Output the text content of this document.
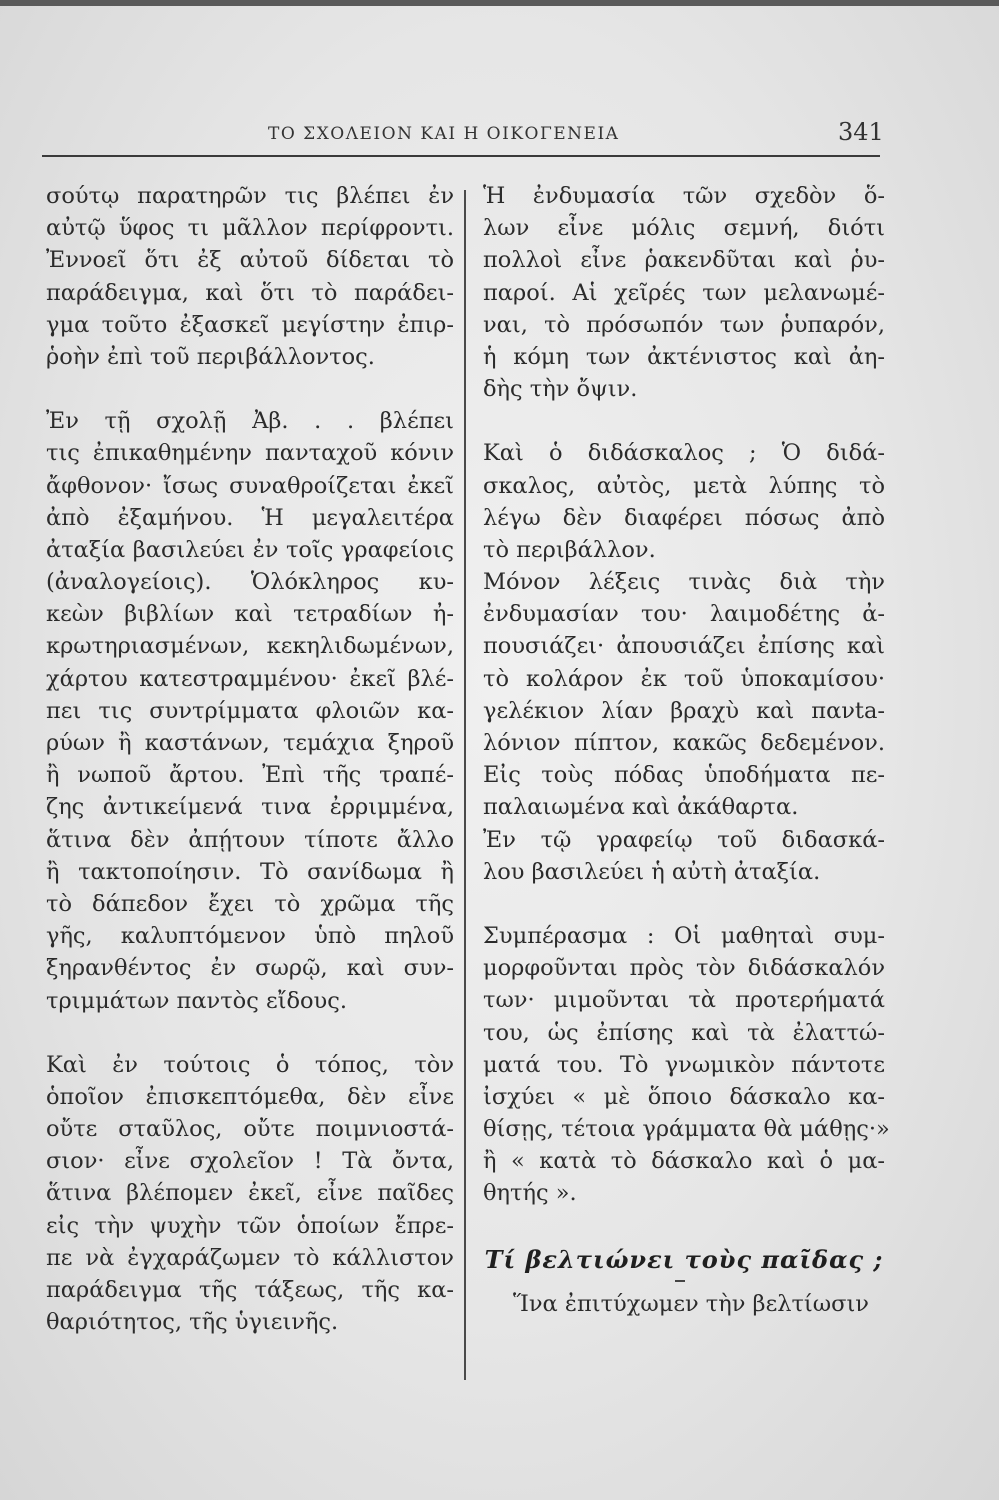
ΤΟ ΣΧΟΛΕΙΟΝ ΚΑΙ Η ΟΙΚΟΓΕΝΕΙΑ	341
σούτῳ παρατηρῶν τις βλέπει ἐν
αὐτῷ ὕφος τι μᾶλλον περίφροντι.
Ἐννοεῖ ὅτι ἐξ αὐτοῦ δίδεται τὸ
παράδειγμα, καὶ ὅτι τὸ παράδει-
γμα τοῦτο ἐξασκεῖ μεγίστην ἐπιρ-
ῥοὴν ἐπὶ τοῦ περιβάλλοντος.
Ἐν τῇ σχολῇ Ἀβ. . . βλέπει
τις ἐπικαθημένην πανταχοῦ κόνιν
ἄφθονον· ἴσως συναθροίζεται ἐκεῖ
ἀπὸ ἐξαμήνου. Ἡ μεγαλειτέρα
ἀταξία βασιλεύει ἐν τοῖς γραφείοις
(ἀναλογείοις). Ὁλόκληρος κυ-
κεὼν βιβλίων καὶ τετραδίων ἠ-
κρωτηριασμένων, κεκηλιδωμένων,
χάρτου κατεστραμμένου· ἐκεῖ βλέ-
πει τις συντρίμματα φλοιῶν κα-
ρύων ἢ καστάνων, τεμάχια ξηροῦ
ἢ νωποῦ ἄρτου. Ἐπὶ τῆς τραπέ-
ζης ἀντικείμενά τινα ἐρριμμένα,
ἅτινα δὲν ἀπῄτουν τίποτε ἄλλο
ἢ τακτοποίησιν. Τὸ σανίδωμα ἢ
τὸ δάπεδον ἔχει τὸ χρῶμα τῆς
γῆς, καλυπτόμενον ὑπὸ πηλοῦ
ξηρανθέντος ἐν σωρῷ, καὶ συν-
τριμμάτων παντὸς εἴδους.
Καὶ ἐν τούτοις ὁ τόπος, τὸν
ὁποῖον ἐπισκεπτόμεθα, δὲν εἶνε
οὔτε σταῦλος, οὔτε ποιμνιοστά-
σιον· εἶνε σχολεῖον ! Τὰ ὄντα,
ἅτινα βλέπομεν ἐκεῖ, εἶνε παῖδες
εἰς τὴν ψυχὴν τῶν ὁποίων ἔπρε-
πε νὰ ἐγχαράζωμεν τὸ κάλλιστον
παράδειγμα τῆς τάξεως, τῆς κα-
θαριότητος, τῆς ὑγιεινῆς.
Ἡ ἐνδυμασία τῶν σχεδὸν ὅ-
λων εἶνε μόλις σεμνή, διότι
πολλοὶ εἶνε ῥακενδῦται καὶ ῥυ-
παροί. Αἱ χεῖρές των μελανωμέ-
ναι, τὸ πρόσωπόν των ῥυπαρόν,
ἡ κόμη των ἀκτένιστος καὶ ἀη-
δὴς τὴν ὄψιν.
Καὶ ὁ διδάσκαλος ; Ὁ διδά-
σκαλος, αὐτὸς, μετὰ λύπης τὸ
λέγω δὲν διαφέρει πόσως ἀπὸ
τὸ περιβάλλον.
Μόνον λέξεις τινὰς διὰ τὴν
ἐνδυμασίαν του· λαιμοδέτης ἀ-
πουσιάζει· ἀπουσιάζει ἐπίσης καὶ
τὸ κολάρον ἐκ τοῦ ὑποκαμίσου·
γελέκιον λίαν βραχὺ καὶ πανta-
λόνιον πίπτον, κακῶς δεδεμένον.
Εἰς τοὺς πόδας ὑποδήματα πε-
παλαιωμένα καὶ ἀκάθαρτα.
Ἐν τῷ γραφείῳ τοῦ διδασκά-
λου βασιλεύει ἡ αὐτὴ ἀταξία.
Συμπέρασμα : Οἱ μαθηταὶ συμ-
μορφοῦνται πρὸς τὸν διδάσκαλόν
των· μιμοῦνται τὰ προτερήματά
του, ὡς ἐπίσης καὶ τὰ ἐλαττώ-
ματά του. Τὸ γνωμικὸν πάντοτε
ἰσχύει « μὲ ὅποιο δάσκαλο κα-
θίσῃς, τέτοια γράμματα θὰ μάθῃς·»
ἢ « κατὰ τὸ δάσκαλο καὶ ὁ μα-
θητής ».
Τί βελτιώνει τοὺς παῖδας ;
Ἵνα ἐπιτύχωμεν τὴν βελτίωσιν
